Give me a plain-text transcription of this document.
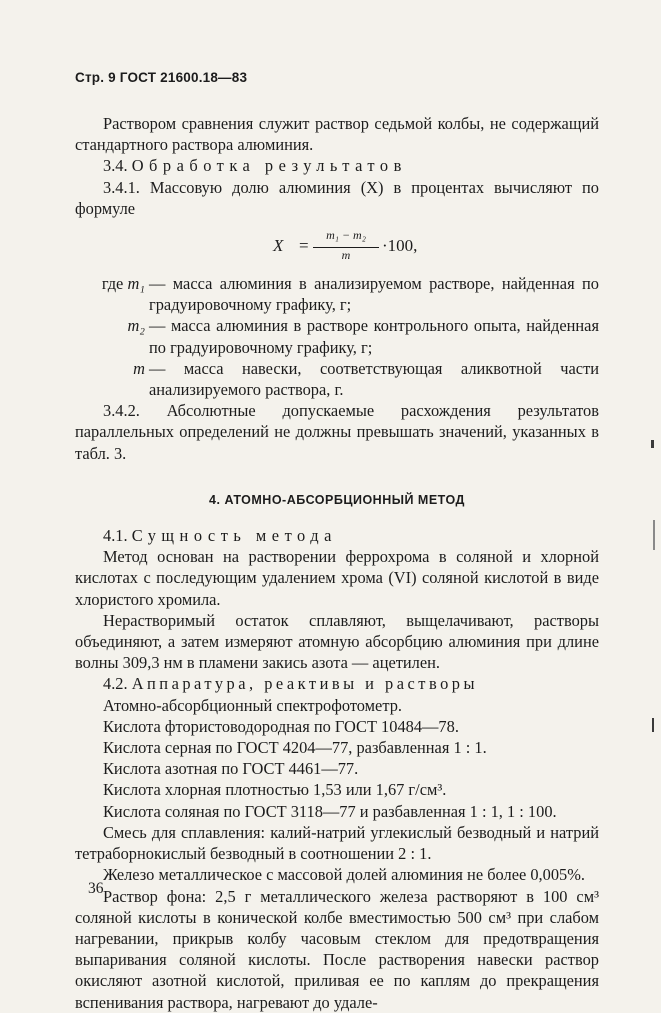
Стр. 9 ГОСТ 21600.18—83

Раствором сравнения служит раствор седьмой колбы, не содержащий стандартного раствора алюминия.

3.4. Обработка результатов

3.4.1. Массовую долю алюминия (X) в процентах вычисляют по формуле

X =
m₁ − m₂
m	·100,
где m₁ — масса алюминия в анализируемом растворе, найденная по градуировочному графику, г;
m₂ — масса алюминия в растворе контрольного опыта, найденная по градуировочному графику, г;
m — масса навески, соответствующая аликвотной части анализируемого раствора, г.

3.4.2. Абсолютные допускаемые расхождения результатов параллельных определений не должны превышать значений, указанных в табл. 3.

4. АТОМНО-АБСОРБЦИОННЫЙ МЕТОД

4.1. Сущность метода

Метод основан на растворении феррохрома в соляной и хлорной кислотах с последующим удалением хрома (VI) соляной кислотой в виде хлористого хромила.

Нерастворимый остаток сплавляют, выщелачивают, растворы объединяют, а затем измеряют атомную абсорбцию алюминия при длине волны 309,3 нм в пламени закись азота — ацетилен.

4.2. Аппаратура, реактивы и растворы

Атомно-абсорбционный спектрофотометр.

Кислота фтористоводородная по ГОСТ 10484—78.

Кислота серная по ГОСТ 4204—77, разбавленная 1 : 1.

Кислота азотная по ГОСТ 4461—77.

Кислота хлорная плотностью 1,53 или 1,67 г/см³.

Кислота соляная по ГОСТ 3118—77 и разбавленная 1 : 1, 1 : 100.

Смесь для сплавления: калий-натрий углекислый безводный и натрий тетраборнокислый безводный в соотношении 2 : 1.

Железо металлическое с массовой долей алюминия не более 0,005%.

Раствор фона: 2,5 г металлического железа растворяют в 100 см³ соляной кислоты в конической колбе вместимостью 500 см³ при слабом нагревании, прикрыв колбу часовым стеклом для предотвращения выпаривания соляной кислоты. После растворения навески раствор окисляют азотной кислотой, приливая ее по каплям до прекращения вспенивания раствора, нагревают до удале-

36
